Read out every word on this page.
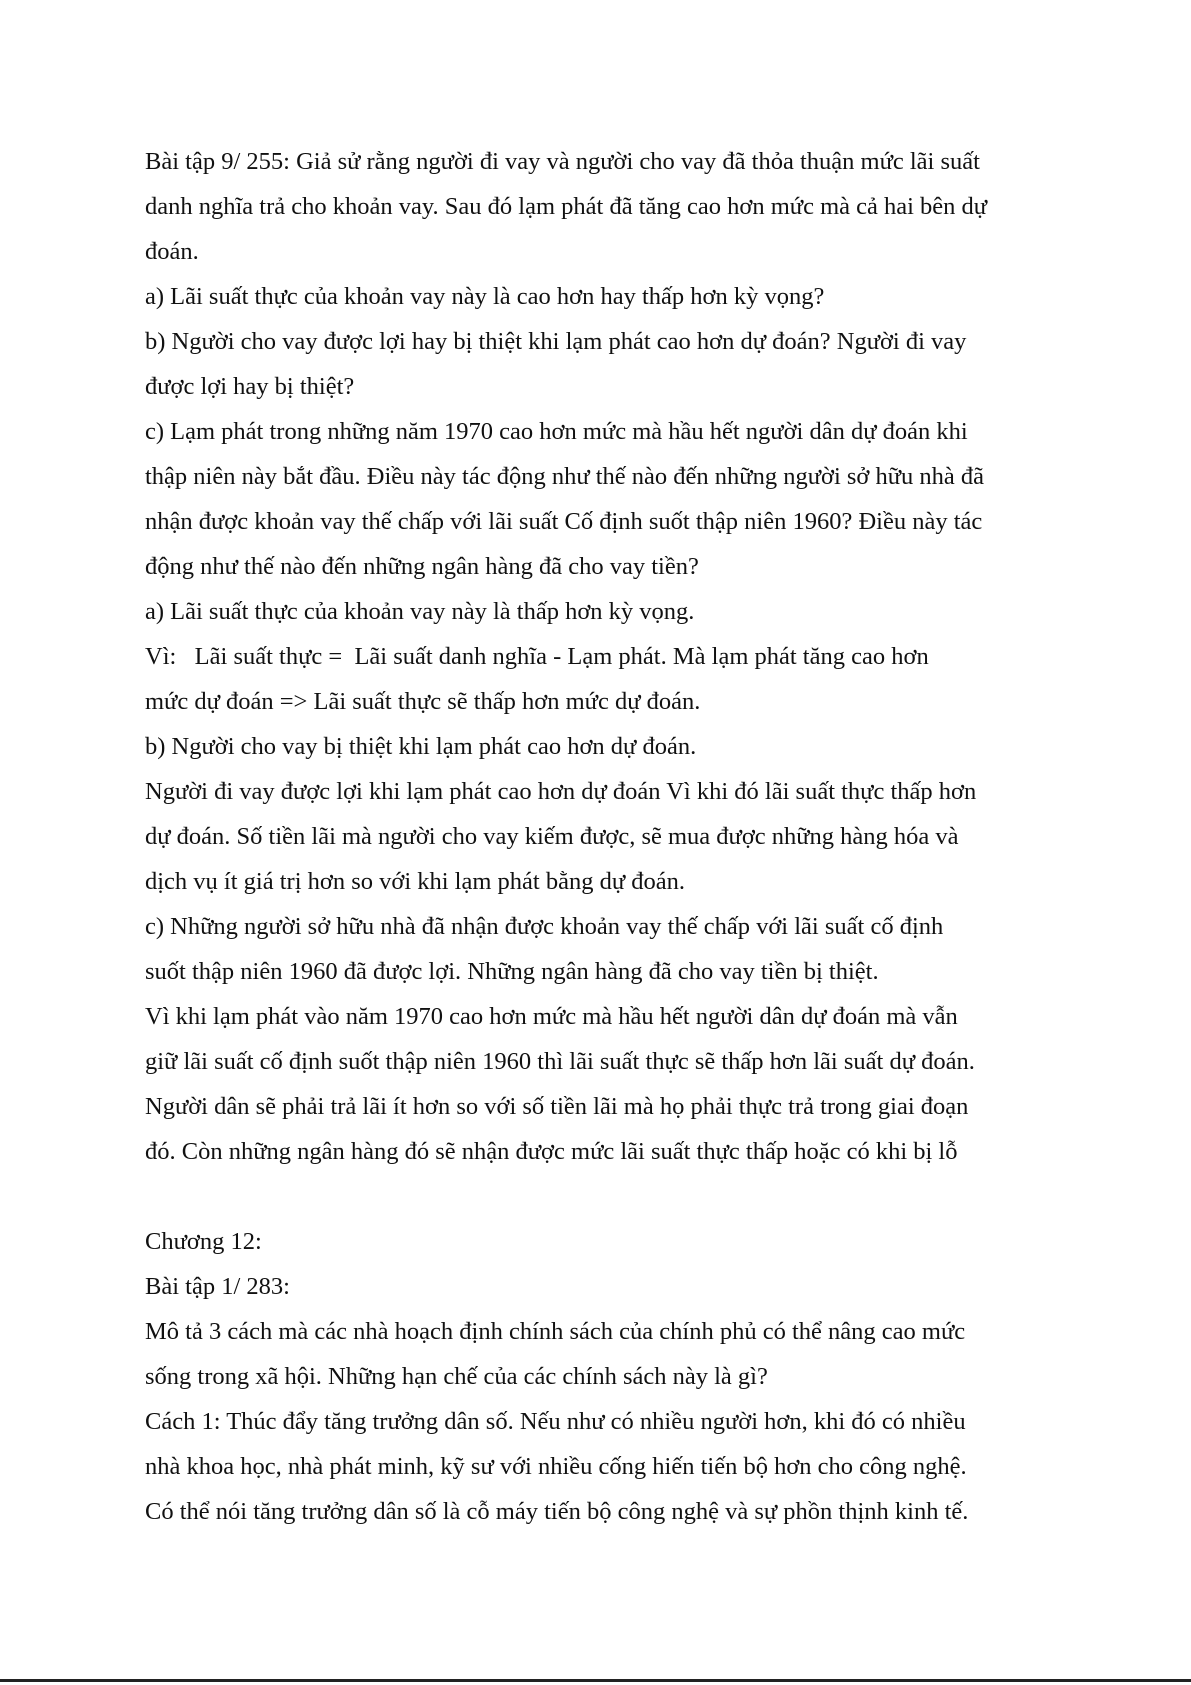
Bài tập 9/ 255: Giả sử rằng người đi vay và người cho vay đã thỏa thuận mức lãi suất
danh nghĩa trả cho khoản vay. Sau đó lạm phát đã tăng cao hơn mức mà cả hai bên dự
đoán.
a) Lãi suất thực của khoản vay này là cao hơn hay thấp hơn kỳ vọng?
b) Người cho vay được lợi hay bị thiệt khi lạm phát cao hơn dự đoán? Người đi vay
được lợi hay bị thiệt?
c) Lạm phát trong những năm 1970 cao hơn mức mà hầu hết người dân dự đoán khi
thập niên này bắt đầu. Điều này tác động như thế nào đến những người sở hữu nhà đã
nhận được khoản vay thế chấp với lãi suất Cố định suốt thập niên 1960? Điều này tác
động như thế nào đến những ngân hàng đã cho vay tiền?
a) Lãi suất thực của khoản vay này là thấp hơn kỳ vọng.
Vì:   Lãi suất thực =  Lãi suất danh nghĩa - Lạm phát. Mà lạm phát tăng cao hơn
mức dự đoán => Lãi suất thực sẽ thấp hơn mức dự đoán.
b) Người cho vay bị thiệt khi lạm phát cao hơn dự đoán.
Người đi vay được lợi khi lạm phát cao hơn dự đoán Vì khi đó lãi suất thực thấp hơn
dự đoán. Số tiền lãi mà người cho vay kiếm được, sẽ mua được những hàng hóa và
dịch vụ ít giá trị hơn so với khi lạm phát bằng dự đoán.
c) Những người sở hữu nhà đã nhận được khoản vay thế chấp với lãi suất cố định
suốt thập niên 1960 đã được lợi. Những ngân hàng đã cho vay tiền bị thiệt.
Vì khi lạm phát vào năm 1970 cao hơn mức mà hầu hết người dân dự đoán mà vẫn
giữ lãi suất cố định suốt thập niên 1960 thì lãi suất thực sẽ thấp hơn lãi suất dự đoán.
Người dân sẽ phải trả lãi ít hơn so với số tiền lãi mà họ phải thực trả trong giai đoạn
đó. Còn những ngân hàng đó sẽ nhận được mức lãi suất thực thấp hoặc có khi bị lỗ
Chương 12:
Bài tập 1/ 283:
Mô tả 3 cách mà các nhà hoạch định chính sách của chính phủ có thể nâng cao mức
sống trong xã hội. Những hạn chế của các chính sách này là gì?
Cách 1: Thúc đẩy tăng trưởng dân số. Nếu như có nhiều người hơn, khi đó có nhiều
nhà khoa học, nhà phát minh, kỹ sư với nhiều cống hiến tiến bộ hơn cho công nghệ.
Có thể nói tăng trưởng dân số là cỗ máy tiến bộ công nghệ và sự phồn thịnh kinh tế.
